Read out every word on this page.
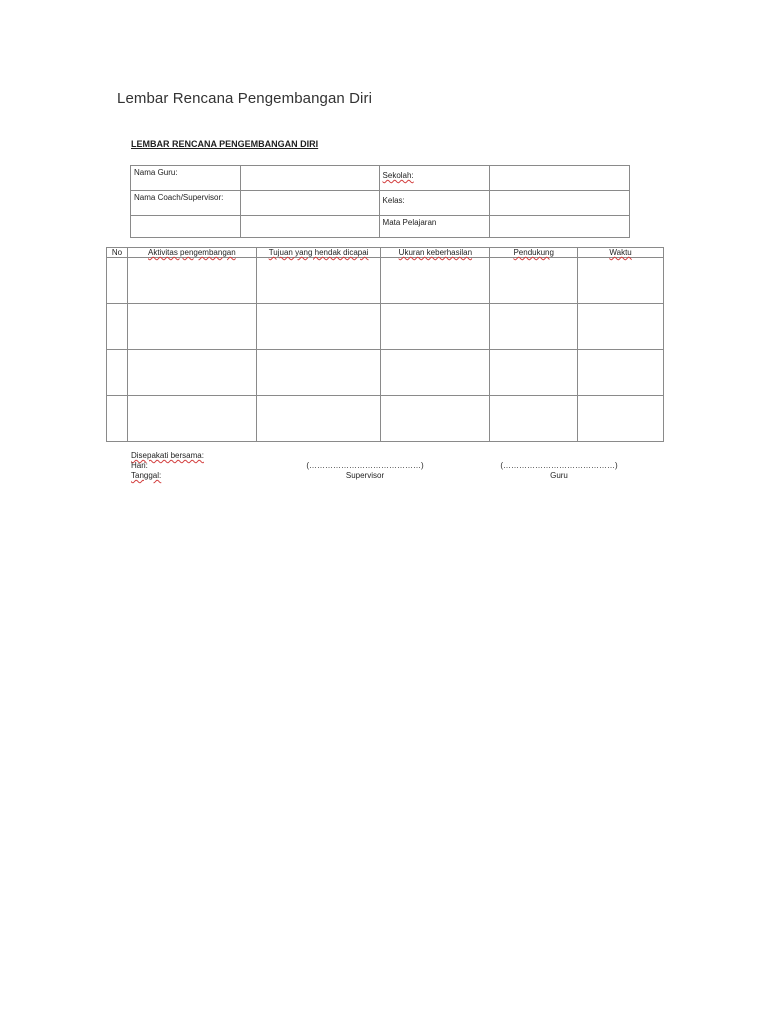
Lembar Rencana Pengembangan Diri
LEMBAR RENCANA PENGEMBANGAN DIRI
Nama Guru:		Sekolah:	
Nama Coach/Supervisor:		Kelas:	
		Mata Pelajaran	
No	Aktivitas pengembangan	Tujuan yang hendak dicapai	Ukuran keberhasilan	Pendukung	Waktu

Disepakati bersama:
Hari:
Tanggal:
(……………………………………)
Supervisor
(……………………………………)
Guru
